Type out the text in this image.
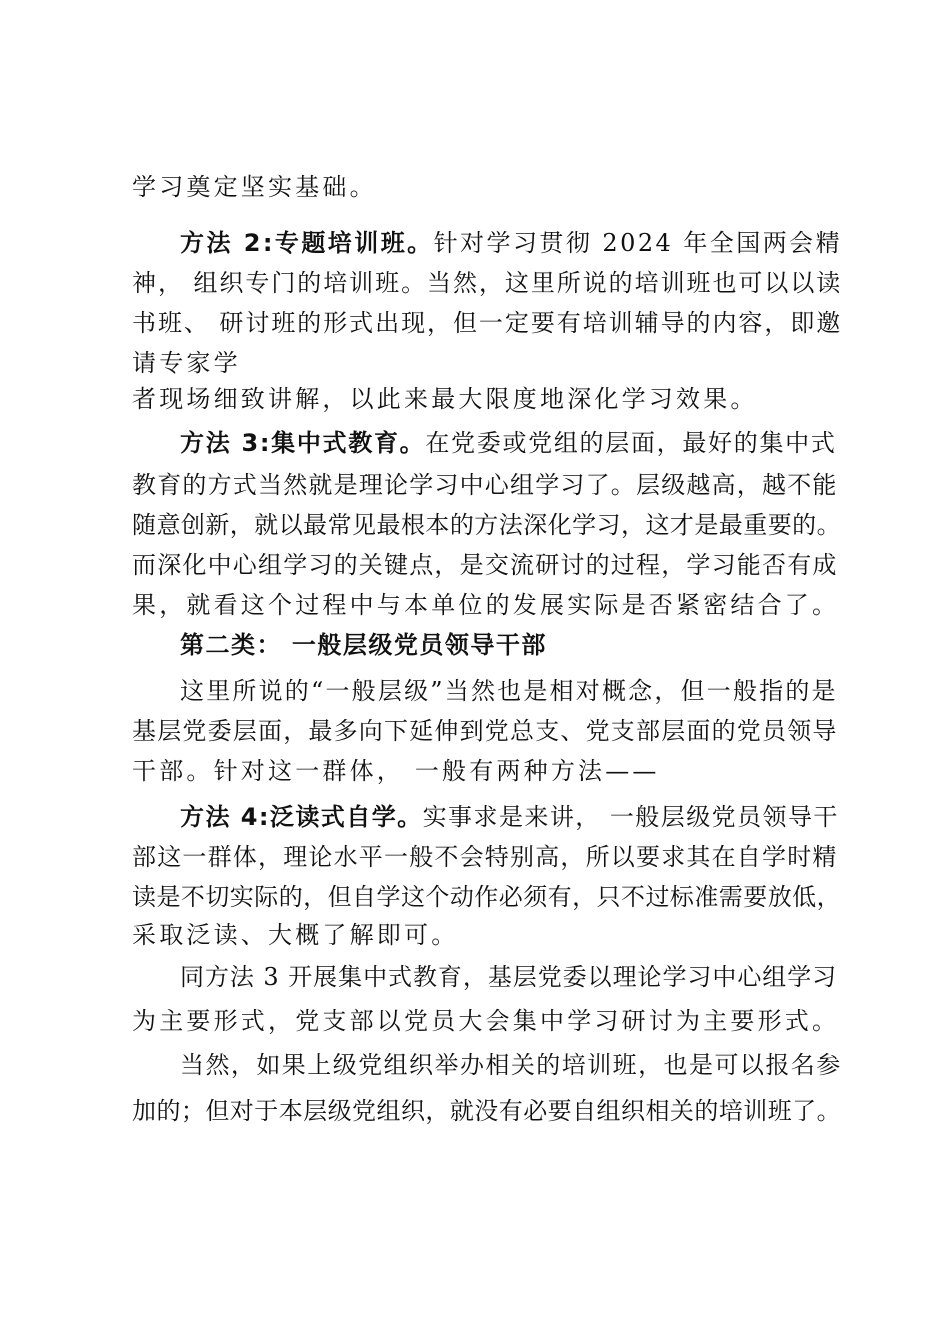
学习奠定坚实基础。
方法 2:专题培训班。针对学习贯彻 2024 年全国两会精
神， 组织专门的培训班。当然，这里所说的培训班也可以以读
书班、 研讨班的形式出现，但一定要有培训辅导的内容，即邀
请专家学
者现场细致讲解，以此来最大限度地深化学习效果。
方法 3:集中式教育。在党委或党组的层面，最好的集中式
教育的方式当然就是理论学习中心组学习了。层级越高，越不能
随意创新，就以最常见最根本的方法深化学习，这才是最重要的。
而深化中心组学习的关键点，是交流研讨的过程，学习能否有成
果，就看这个过程中与本单位的发展实际是否紧密结合了。
第二类： 一般层级党员领导干部
这里所说的“一般层级”当然也是相对概念，但一般指的是
基层党委层面，最多向下延伸到党总支、党支部层面的党员领导
干部。针对这一群体， 一般有两种方法——
方法 4:泛读式自学。实事求是来讲， 一般层级党员领导干
部这一群体，理论水平一般不会特别高，所以要求其在自学时精
读是不切实际的，但自学这个动作必须有，只不过标准需要放低，
采取泛读、大概了解即可。
同方法 3 开展集中式教育，基层党委以理论学习中心组学习
为主要形式，党支部以党员大会集中学习研讨为主要形式。
当然，如果上级党组织举办相关的培训班，也是可以报名参
加的；但对于本层级党组织，就没有必要自组织相关的培训班了。
